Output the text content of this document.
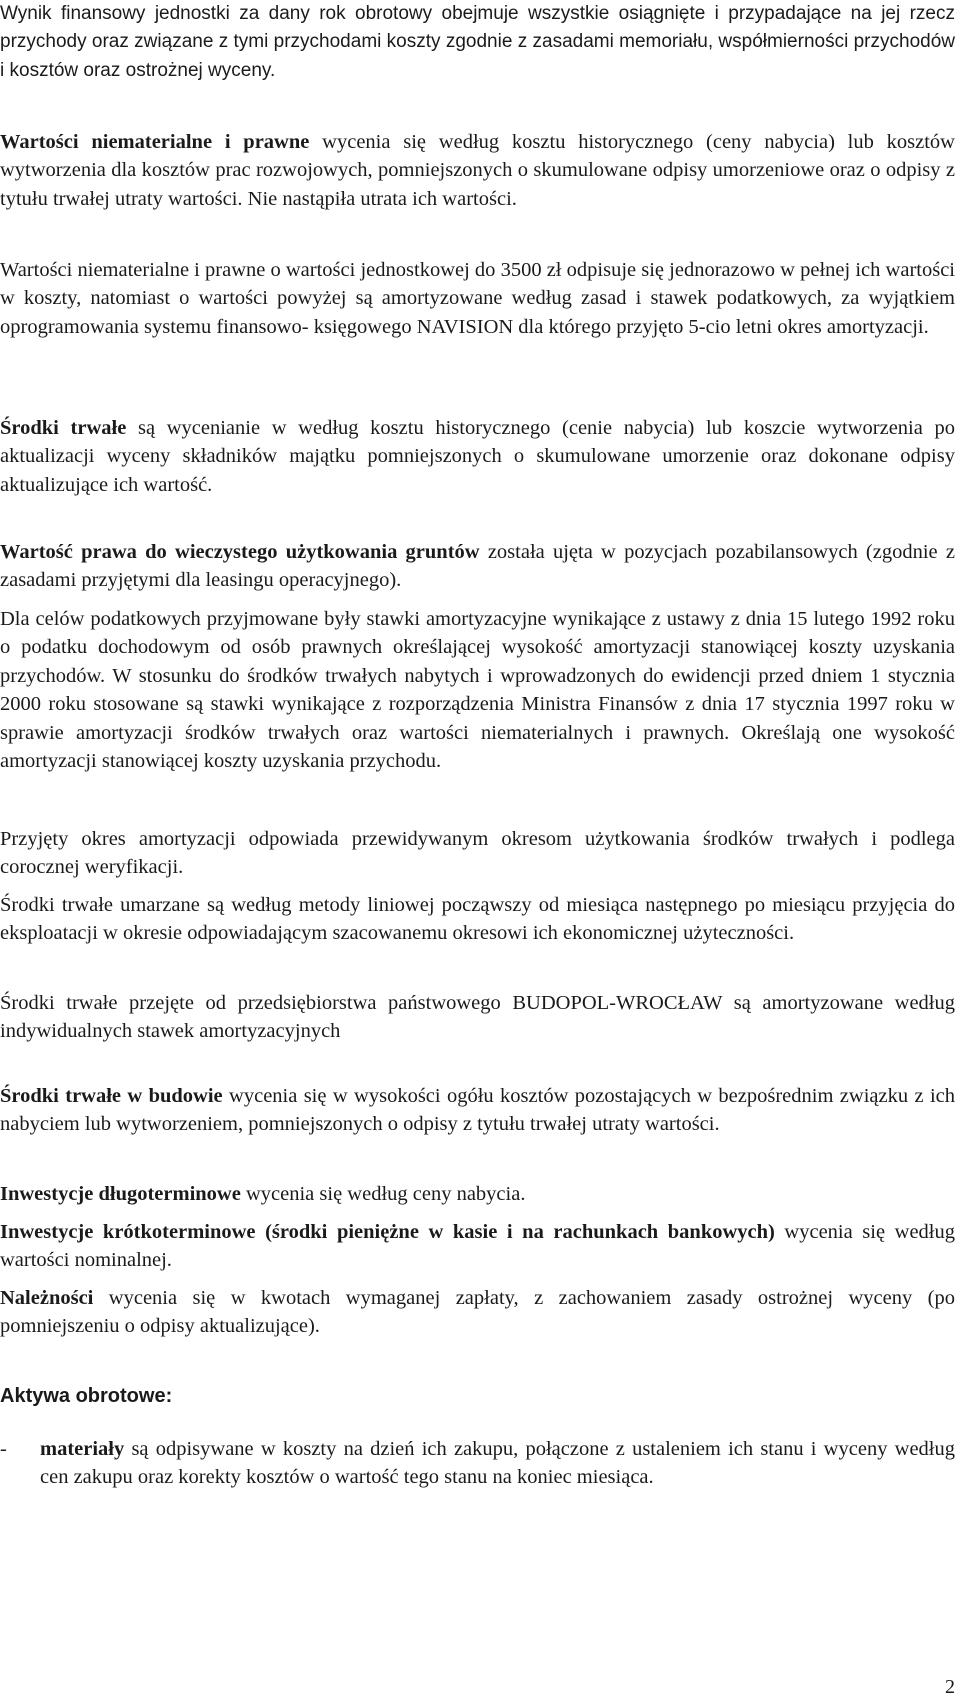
Wynik finansowy jednostki za dany rok obrotowy obejmuje wszystkie osiągnięte i przypadające na jej rzecz przychody oraz związane z tymi przychodami koszty zgodnie z zasadami memoriału, współmierności przychodów i kosztów oraz ostrożnej wyceny.

Wartości niematerialne i prawne wycenia się według kosztu historycznego (ceny nabycia) lub kosztów wytworzenia dla kosztów prac rozwojowych, pomniejszonych o skumulowane odpisy umorzeniowe oraz o odpisy z tytułu trwałej utraty wartości. Nie nastąpiła utrata ich wartości.

Wartości niematerialne i prawne o wartości jednostkowej do 3500 zł odpisuje się jednorazowo w pełnej ich wartości w koszty, natomiast o wartości powyżej są amortyzowane według zasad i stawek podatkowych, za wyjątkiem oprogramowania systemu finansowo- księgowego NAVISION dla którego przyjęto 5-cio letni okres amortyzacji.

Środki trwałe są wycenianie w według kosztu historycznego (cenie nabycia) lub koszcie wytworzenia po aktualizacji wyceny składników majątku pomniejszonych o skumulowane umorzenie oraz dokonane odpisy aktualizujące ich wartość.

Wartość prawa do wieczystego użytkowania gruntów została ujęta w pozycjach pozabilansowych (zgodnie z zasadami przyjętymi dla leasingu operacyjnego).

Dla celów podatkowych przyjmowane były stawki amortyzacyjne wynikające z ustawy z dnia 15 lutego 1992 roku o podatku dochodowym od osób prawnych określającej wysokość amortyzacji stanowiącej koszty uzyskania przychodów. W stosunku do środków trwałych nabytych i wprowadzonych do ewidencji przed dniem 1 stycznia 2000 roku stosowane są stawki wynikające z rozporządzenia Ministra Finansów z dnia 17 stycznia 1997 roku w sprawie amortyzacji środków trwałych oraz wartości niematerialnych i prawnych. Określają one wysokość amortyzacji stanowiącej koszty uzyskania przychodu.

Przyjęty okres amortyzacji odpowiada przewidywanym okresom użytkowania środków trwałych i podlega corocznej weryfikacji.

Środki trwałe umarzane są według metody liniowej począwszy od miesiąca następnego po miesiącu przyjęcia do eksploatacji w okresie odpowiadającym szacowanemu okresowi ich ekonomicznej użyteczności.

Środki trwałe przejęte od przedsiębiorstwa państwowego BUDOPOL-WROCŁAW są amortyzowane według indywidualnych stawek amortyzacyjnych

Środki trwałe w budowie wycenia się w wysokości ogółu kosztów pozostających w bezpośrednim związku z ich nabyciem lub wytworzeniem, pomniejszonych o odpisy z tytułu trwałej utraty wartości.

Inwestycje długoterminowe wycenia się według ceny nabycia.

Inwestycje krótkoterminowe (środki pieniężne w kasie i na rachunkach bankowych) wycenia się według wartości nominalnej.

Należności wycenia się w kwotach wymaganej zapłaty, z zachowaniem zasady ostrożnej wyceny (po pomniejszeniu o odpisy aktualizujące).

Aktywa obrotowe:
- materiały są odpisywane w koszty na dzień ich zakupu, połączone z ustaleniem ich stanu i wyceny według cen zakupu oraz korekty kosztów o wartość tego stanu na koniec miesiąca.
2
